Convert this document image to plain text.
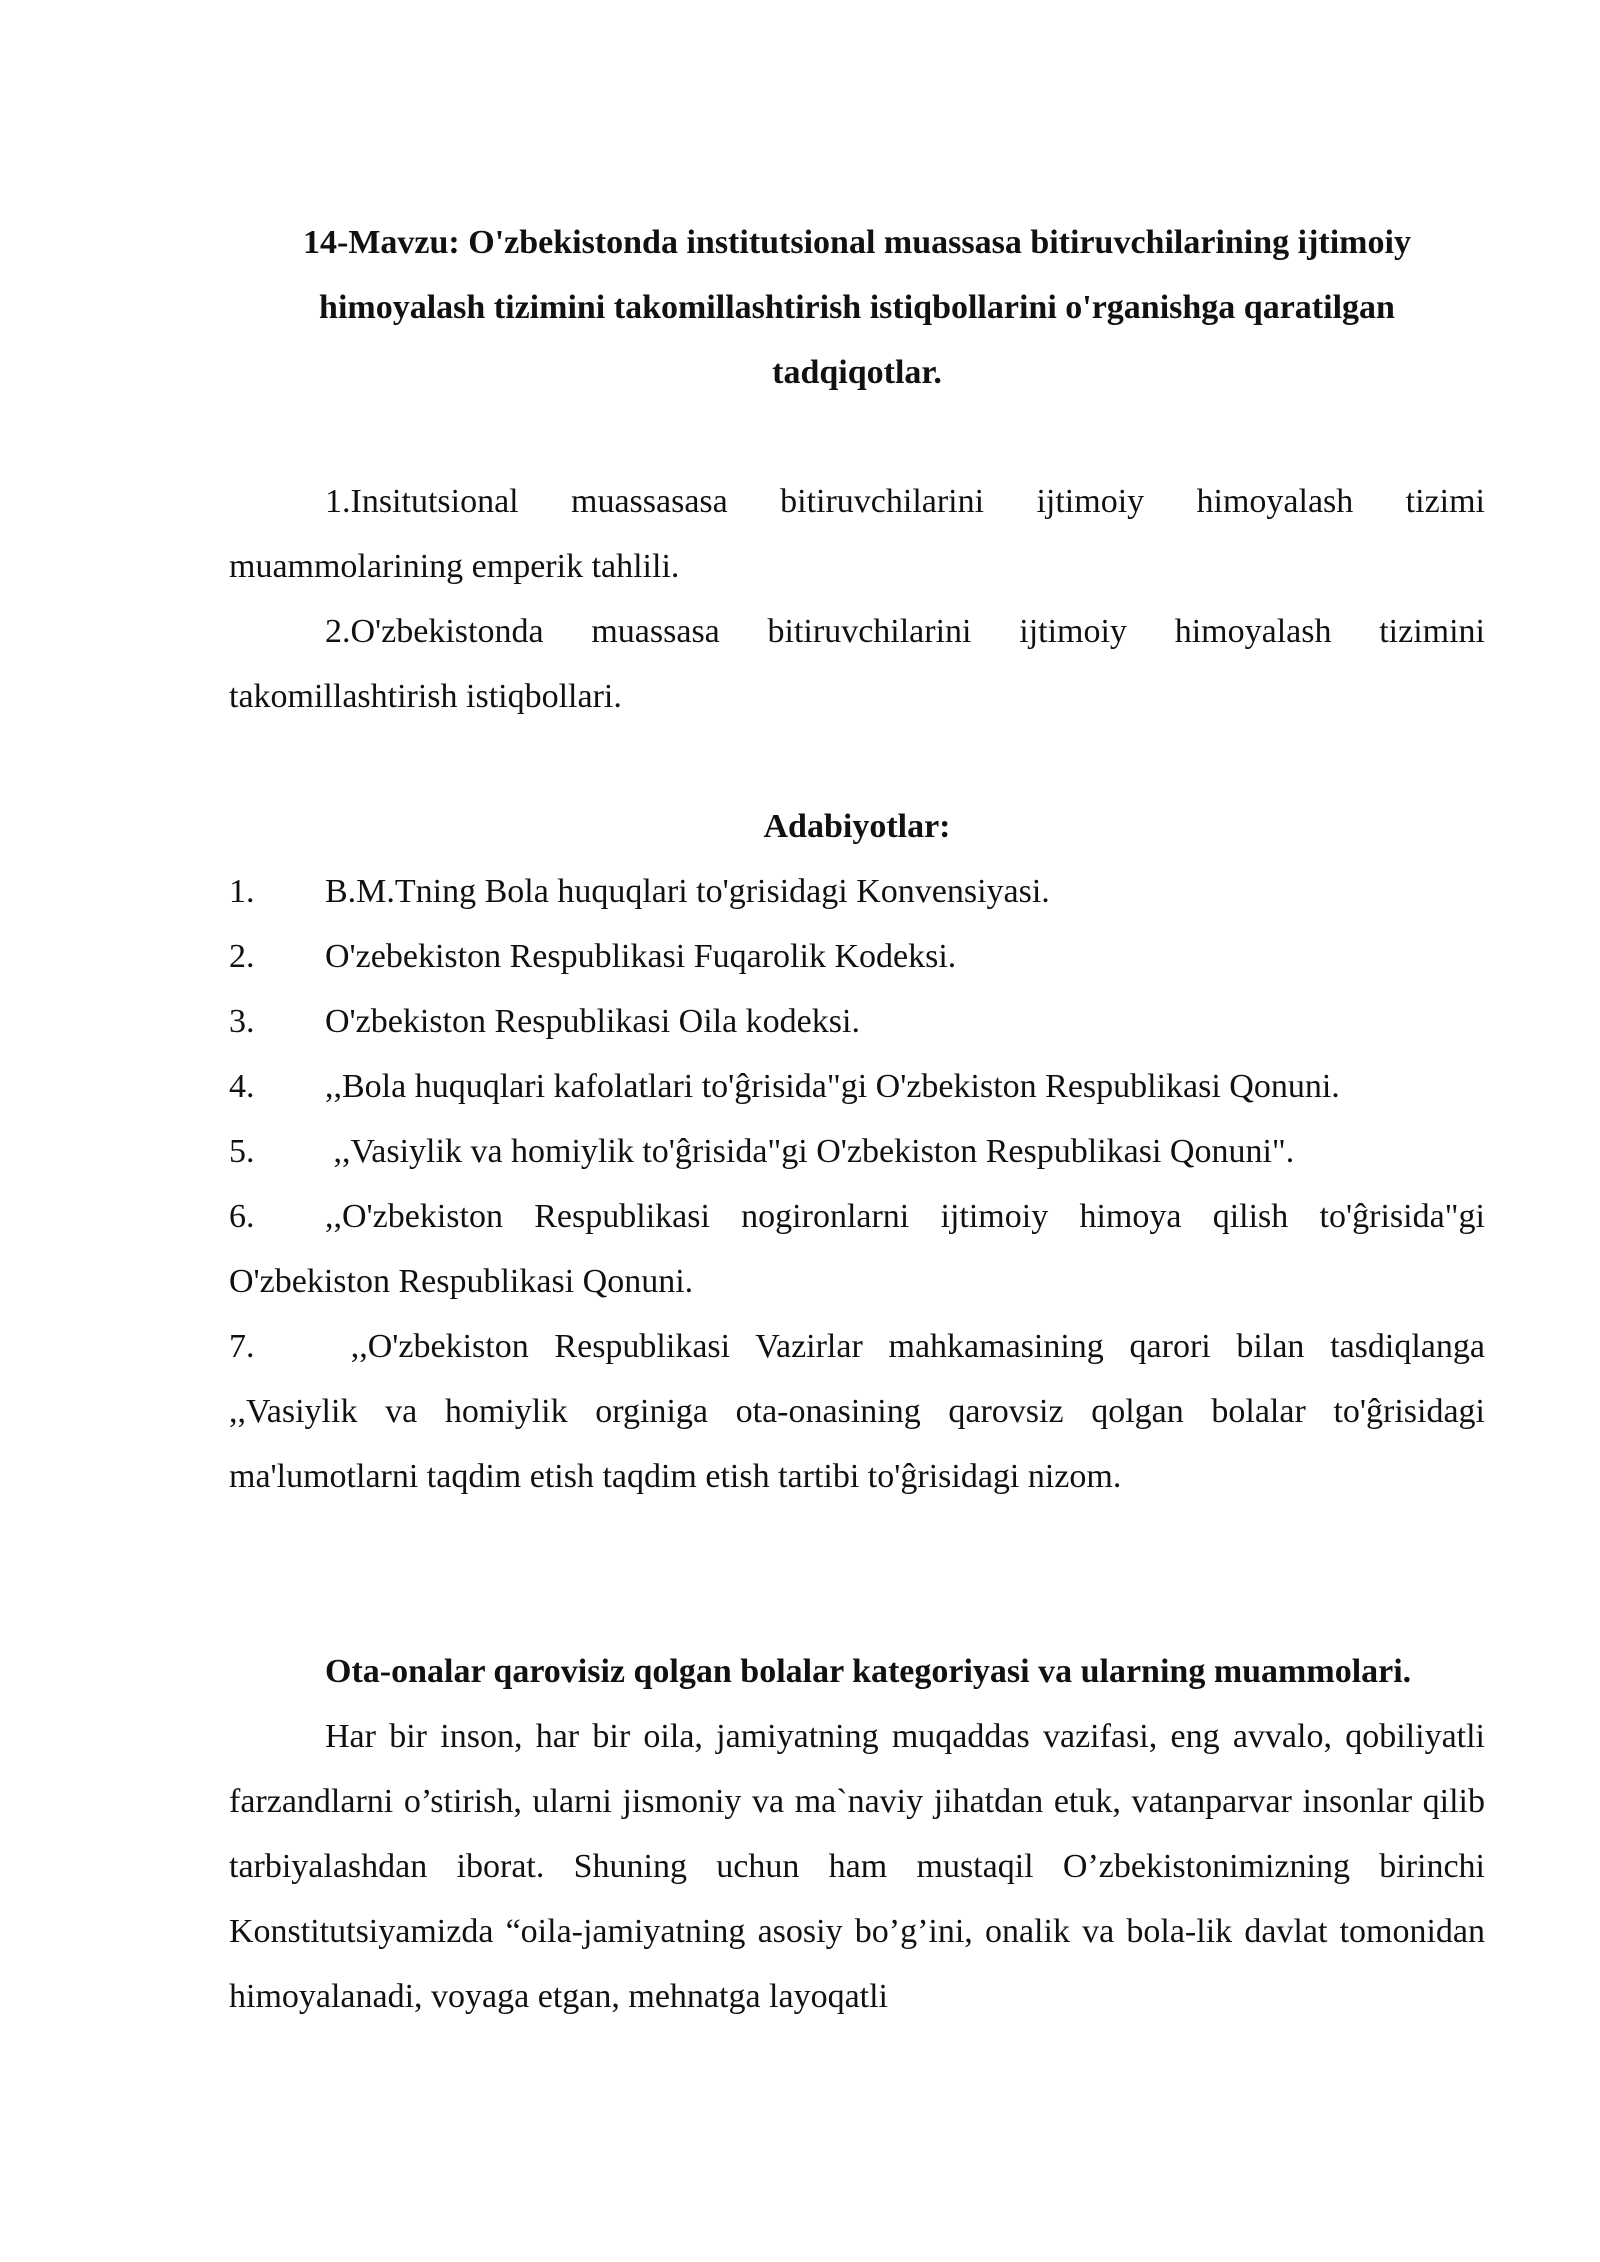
14-Mavzu: O'zbekistonda institutsional muassasa bitiruvchilarining ijtimoiy himoyalash tizimini takomillashtirish istiqbollarini o'rganishga qaratilgan tadqiqotlar.

1.Insitutsional muassasasa bitiruvchilarini ijtimoiy himoyalash tizimi muammolarining emperik tahlili.

2.O'zbekistonda muassasa bitiruvchilarini ijtimoiy himoyalash tizimini takomillashtirish istiqbollari.

Adabiyotlar:

1. B.M.Tning Bola huquqlari to'grisidagi Konvensiyasi.
2. O'zebekiston Respublikasi Fuqarolik Kodeksi.
3. O'zbekiston Respublikasi Oila kodeksi.
4. ,,Bola huquqlari kafolatlari to'ĝrisida"gi O'zbekiston Respublikasi Qonuni.
5. ,,Vasiylik va homiylik to'ĝrisida"gi O'zbekiston Respublikasi Qonuni".
6. ,,O'zbekiston Respublikasi nogironlarni ijtimoiy himoya qilish to'ĝrisida"gi O'zbekiston Respublikasi Qonuni.
7. ,,O'zbekiston Respublikasi Vazirlar mahkamasining qarori bilan tasdiqlanga ,,Vasiylik va homiylik orginiga ota-onasining qarovsiz qolgan bolalar to'ĝrisidagi ma'lumotlarni taqdim etish taqdim etish tartibi to'ĝrisidagi nizom.

Ota-onalar qarovisiz qolgan bolalar kategoriyasi va ularning muammolari.

Har bir inson, har bir oila, jamiyatning muqaddas vazifasi, eng avvalo, qobiliyatli farzandlarni o’stirish, ularni jismoniy va ma`naviy jihatdan etuk, vatanparvar insonlar qilib tarbiyalashdan iborat. Shuning uchun ham mustaqil O’zbekistonimizning birinchi Konstitutsiyamizda “oila-jamiyatning asosiy bo’g’ini, onalik va bola-lik davlat tomonidan himoyalanadi, voyaga etgan, mehnatga layoqatli
